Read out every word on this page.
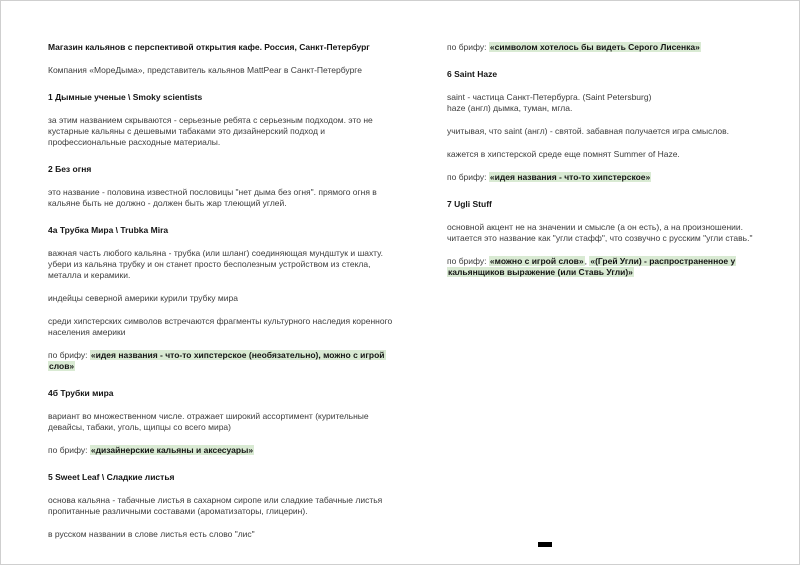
Магазин кальянов с перспективой открытия кафе. Россия, Санкт-Петербург
Компания «МореДыма», представитель кальянов MattPear в Санкт-Петербурге
1 Дымные ученые \ Smoky scientists
за этим названием скрываются - серьезные ребята с серьезным подходом. это не кустарные кальяны с дешевыми табаками это дизайнерский подход и профессиональные расходные материалы.
2 Без огня
это название - половина известной пословицы "нет дыма без огня". прямого огня в кальяне быть не должно - должен быть жар тлеющий углей.
4а Трубка Мира \ Trubka Mira
важная часть любого кальяна - трубка (или шланг) соединяющая мундштук и шахту. убери из кальяна трубку и он станет просто бесполезным устройством из стекла, металла и керамики.
индейцы северной америки курили трубку мира
среди хипстерских символов встречаются фрагменты культурного наследия коренного населения америки
по брифу: «идея названия - что-то хипстерское (необязательно), можно с игрой слов»
4б Трубки мира
вариант во множественном числе. отражает широкий ассортимент (курительные девайсы, табаки, уголь, щипцы со всего мира)
по брифу: «дизайнерские кальяны и аксесуары»
5 Sweet Leaf \ Сладкие листья
основа кальяна - табачные листья в сахарном сиропе или сладкие табачные листья пропитанные различными составами (ароматизаторы, глицерин).
в русском названии в слове листья есть слово "лис"
по брифу: «символом хотелось бы видеть Серого Лисенка»
6 Saint Haze
saint - частица Санкт-Петербурга. (Saint Petersburg)
haze (англ) дымка, туман, мгла.
учитывая, что saint (англ) - святой. забавная получается игра смыслов.
кажется в хипстерской среде еще помнят Summer of Haze.
по брифу: «идея названия - что-то хипстерское»
7 Ugli Stuff
основной акцент не на значении и смысле (а он есть), а на произношении. читается это название как "угли стафф", что созвучно с русским "угли ставь."
по брифу: «можно с игрой слов», «(Грей Угли) - распространенное у кальянщиков выражение (или Ставь Угли)»
